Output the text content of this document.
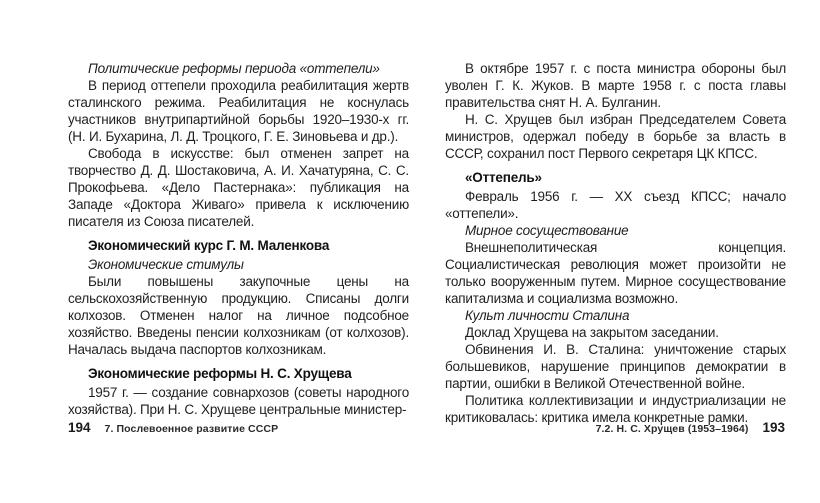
Политические реформы периода «оттепели»

В период оттепели проходила реабилитация жертв сталинского режима. Реабилитация не коснулась участников внутрипартийной борьбы 1920–1930-х гг. (Н. И. Бухарина, Л. Д. Троцкого, Г. Е. Зиновьева и др.).

Свобода в искусстве: был отменен запрет на творчество Д. Д. Шостаковича, А. И. Хачатуряна, С. С. Прокофьева. «Дело Пастернака»: публикация на Западе «Доктора Живаго» привела к исключению писателя из Союза писателей.

Экономический курс Г. М. Маленкова

Экономические стимулы

Были повышены закупочные цены на сельскохозяйственную продукцию. Списаны долги колхозов. Отменен налог на личное подсобное хозяйство. Введены пенсии колхозникам (от колхозов). Началась выдача паспортов колхозникам.

Экономические реформы Н. С. Хрущева

1957 г. — создание совнархозов (советы народного хозяйства). При Н. С. Хрущеве центральные министер-

В октябре 1957 г. с поста министра обороны был уволен Г. К. Жуков. В марте 1958 г. с поста главы правительства снят Н. А. Булганин.

Н. С. Хрущев был избран Председателем Совета министров, одержал победу в борьбе за власть в СССР, сохранил пост Первого секретаря ЦК КПСС.

«Оттепель»

Февраль 1956 г. — XX съезд КПСС; начало «оттепели».

Мирное сосуществование

Внешнеполитическая концепция. Социалистическая революция может произойти не только вооруженным путем. Мирное сосуществование капитализма и социализма возможно.

Культ личности Сталина

Доклад Хрущева на закрытом заседании.

Обвинения И. В. Сталина: уничтожение старых большевиков, нарушение принципов демократии в партии, ошибки в Великой Отечественной войне.

Политика коллективизации и индустриализации не критиковалась: критика имела конкретные рамки.

194 7. Послевоенное развитие СССР	7.2. Н. С. Хрущев (1953–1964) 193
